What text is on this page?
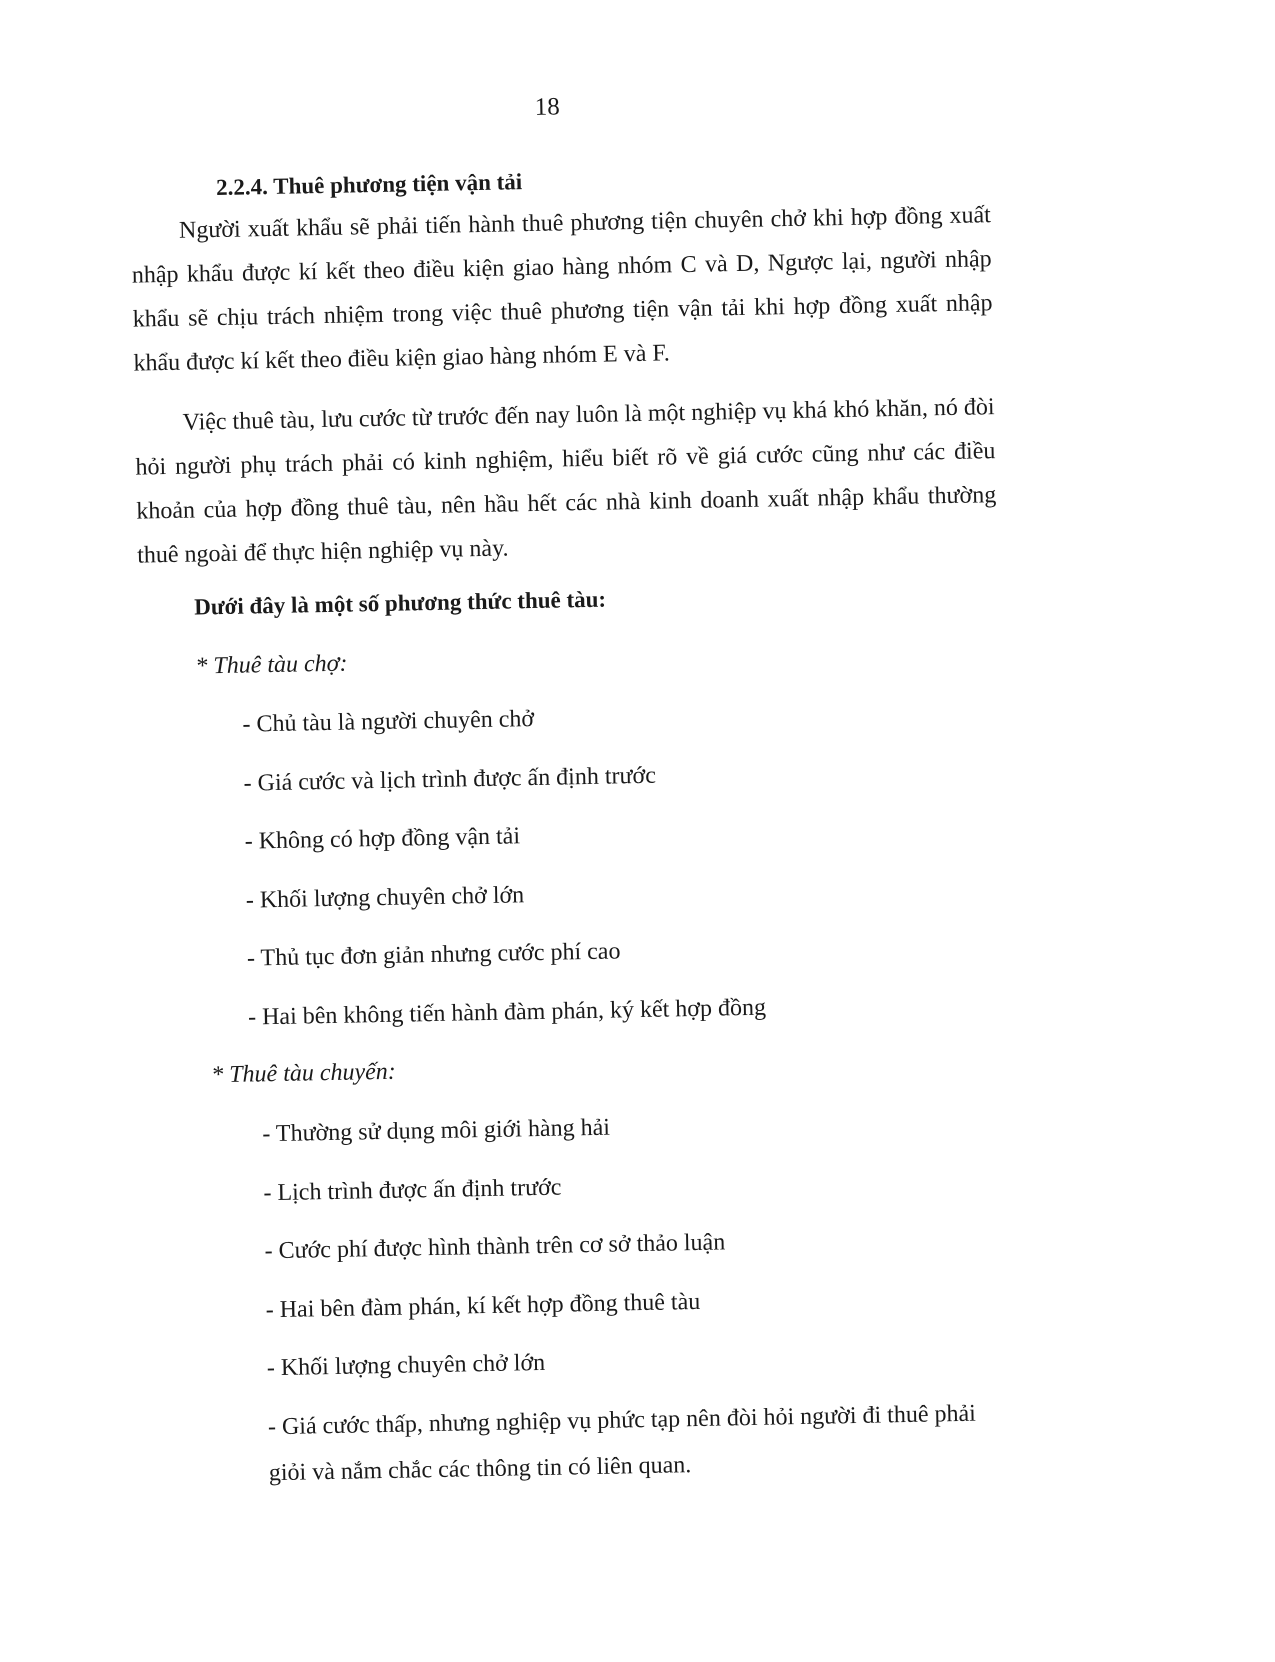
18
2.2.4. Thuê phương tiện vận tải

Người xuất khẩu sẽ phải tiến hành thuê phương tiện chuyên chở khi hợp đồng xuất nhập khẩu được kí kết theo điều kiện giao hàng nhóm C và D, Ngược lại, người nhập khẩu sẽ chịu trách nhiệm trong việc thuê phương tiện vận tải khi hợp đồng xuất nhập khẩu được kí kết theo điều kiện giao hàng nhóm E và F.

Việc thuê tàu, lưu cước từ trước đến nay luôn là một nghiệp vụ khá khó khăn, nó đòi hỏi người phụ trách phải có kinh nghiệm, hiểu biết rõ về giá cước cũng như các điều khoản của hợp đồng thuê tàu, nên hầu hết các nhà kinh doanh xuất nhập khẩu thường thuê ngoài để thực hiện nghiệp vụ này.

Dưới đây là một số phương thức thuê tàu:
* Thuê tàu chợ:
- Chủ tàu là người chuyên chở
- Giá cước và lịch trình được ấn định trước
- Không có hợp đồng vận tải
- Khối lượng chuyên chở lớn
- Thủ tục đơn giản nhưng cước phí cao
- Hai bên không tiến hành đàm phán, ký kết hợp đồng
* Thuê tàu chuyến:
- Thường sử dụng môi giới hàng hải
- Lịch trình được ấn định trước
- Cước phí được hình thành trên cơ sở thảo luận
- Hai bên đàm phán, kí kết hợp đồng thuê tàu
- Khối lượng chuyên chở lớn
- Giá cước thấp, nhưng nghiệp vụ phức tạp nên đòi hỏi người đi thuê phải giỏi và nắm chắc các thông tin có liên quan.
